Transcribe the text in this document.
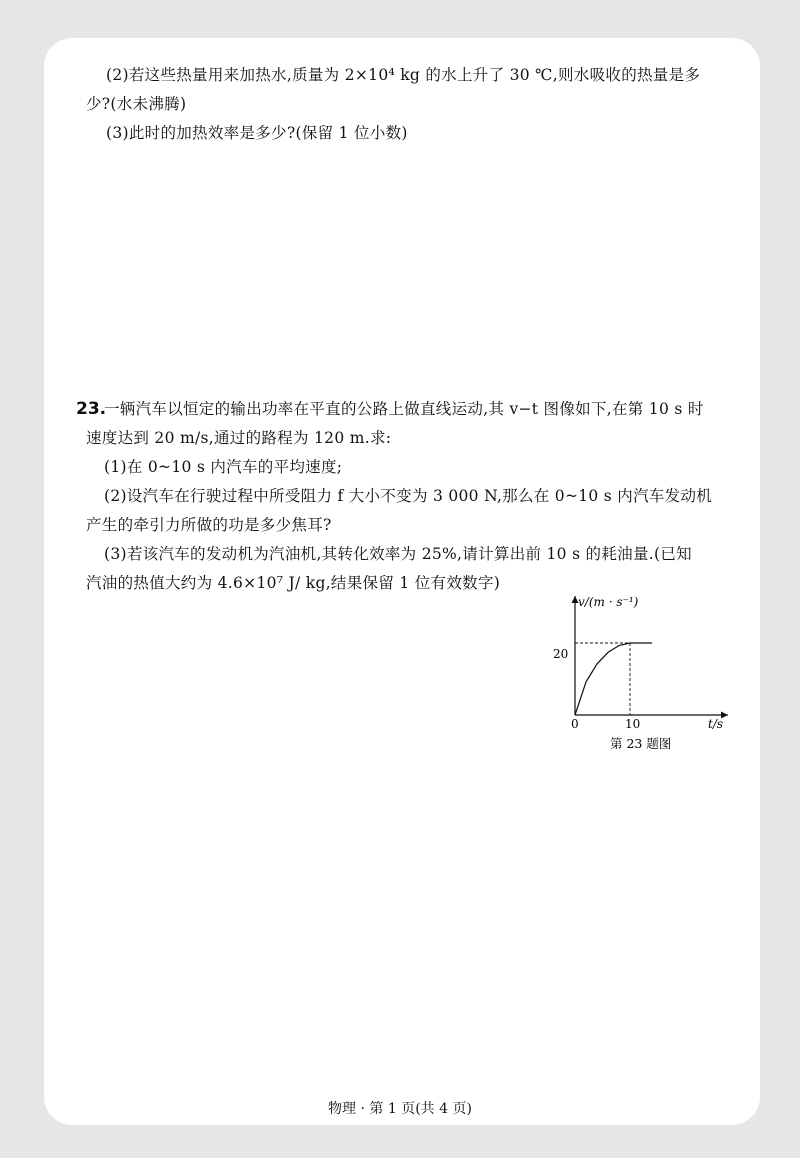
(2)若这些热量用来加热水,质量为 2×10⁴ kg 的水上升了 30 ℃,则水吸收的热量是多
少?(水未沸腾)
(3)此时的加热效率是多少?(保留 1 位小数)
23.
一辆汽车以恒定的输出功率在平直的公路上做直线运动,其 v−t 图像如下,在第 10 s 时
速度达到 20 m/s,通过的路程为 120 m.求:
(1)在 0~10 s 内汽车的平均速度;
(2)设汽车在行驶过程中所受阻力 f 大小不变为 3 000 N,那么在 0~10 s 内汽车发动机
产生的牵引力所做的功是多少焦耳?
(3)若该汽车的发动机为汽油机,其转化效率为 25%,请计算出前 10 s 的耗油量.(已知
汽油的热值大约为 4.6×10⁷ J/ kg,结果保留 1 位有效数字)
v/(m · s⁻¹)
t/s
0	10
20
第 23 题图
物理 · 第 1 页(共 4 页)
